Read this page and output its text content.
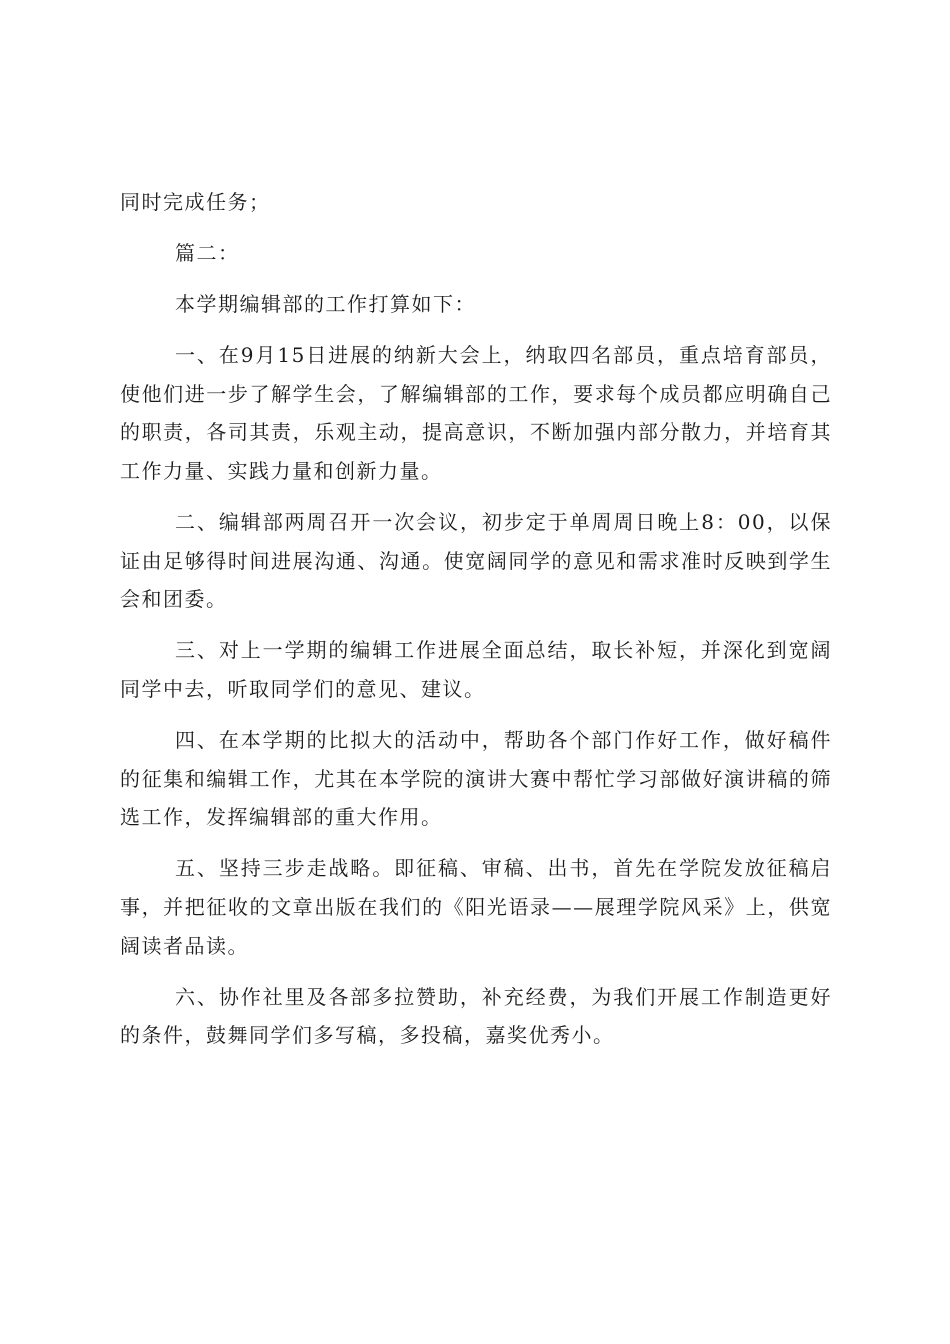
同时完成任务；

篇二：

本学期编辑部的工作打算如下：

一、在9月15日进展的纳新大会上，纳取四名部员，重点培育部员，使他们进一步了解学生会，了解编辑部的工作，要求每个成员都应明确自己的职责，各司其责，乐观主动，提高意识，不断加强内部分散力，并培育其工作力量、实践力量和创新力量。

二、编辑部两周召开一次会议，初步定于单周周日晚上8：00，以保证由足够得时间进展沟通、沟通。使宽阔同学的意见和需求准时反映到学生会和团委。

三、对上一学期的编辑工作进展全面总结，取长补短，并深化到宽阔同学中去，听取同学们的意见、建议。

四、在本学期的比拟大的活动中，帮助各个部门作好工作，做好稿件的征集和编辑工作，尤其在本学院的演讲大赛中帮忙学习部做好演讲稿的筛选工作，发挥编辑部的重大作用。

五、坚持三步走战略。即征稿、审稿、出书，首先在学院发放征稿启事，并把征收的文章出版在我们的《阳光语录——展理学院风采》上，供宽阔读者品读。

六、协作社里及各部多拉赞助，补充经费，为我们开展工作制造更好的条件，鼓舞同学们多写稿，多投稿，嘉奖优秀小。
